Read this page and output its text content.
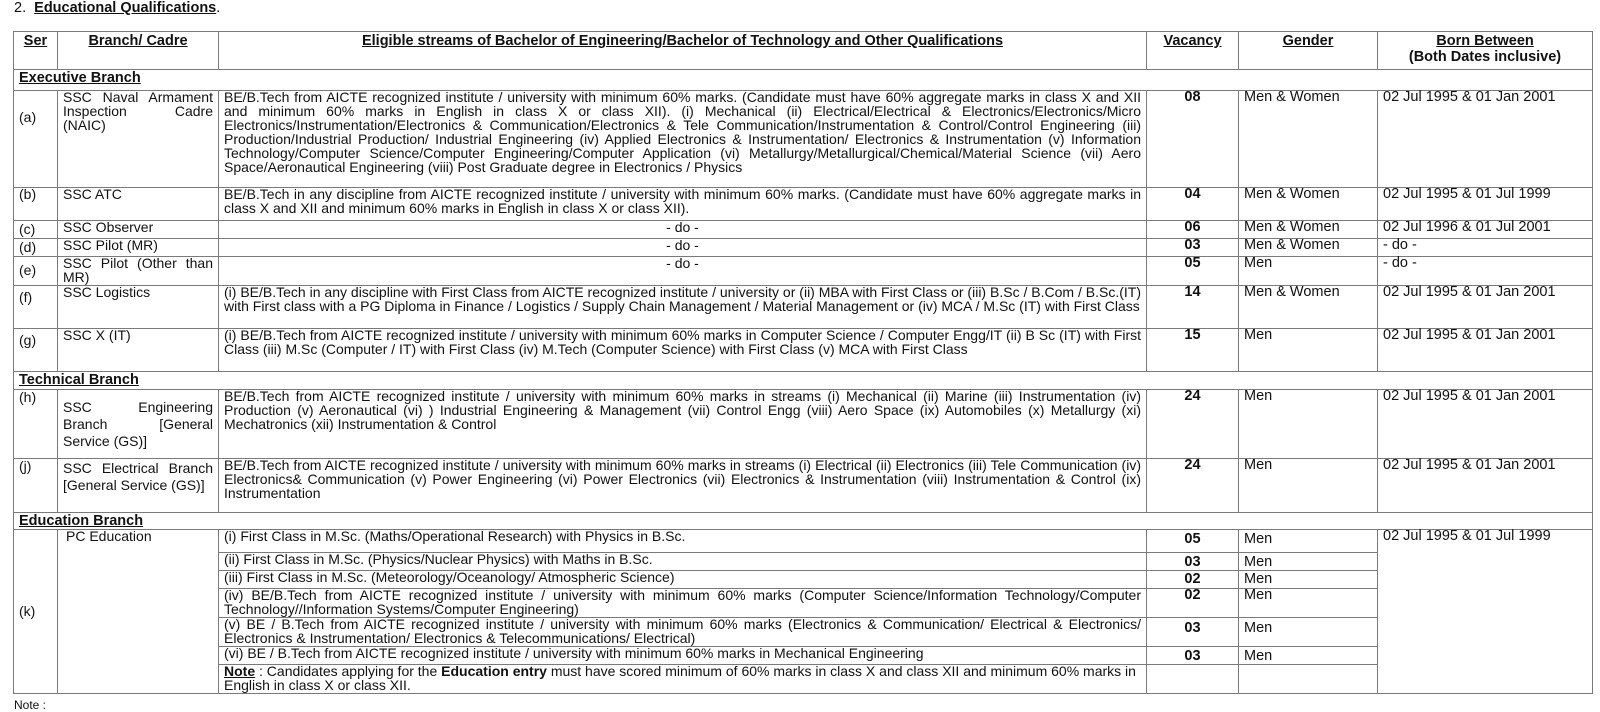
2. Educational Qualifications.
Ser	Branch/ Cadre	Eligible streams of Bachelor of Engineering/Bachelor of Technology and Other Qualifications	Vacancy	Gender	Born Between
(Both Dates inclusive)
Executive Branch					
(a)	SSC Naval Armament Inspection Cadre (NAIC)	BE/B.Tech from AICTE recognized institute / university with minimum 60% marks. (Candidate must have 60% aggregate marks in class X and XII and minimum 60% marks in English in class X or class XII). (i) Mechanical (ii) Electrical/Electrical & Electronics/Electronics/Micro Electronics/Instrumentation/Electronics & Communication/Electronics & Tele Communication/Instrumentation & Control/Control Engineering (iii) Production/Industrial Production/ Industrial Engineering (iv) Applied Electronics & Instrumentation/ Electronics & Instrumentation (v) Information Technology/Computer Science/Computer Engineering/Computer Application (vi) Metallurgy/Metallurgical/Chemical/Material Science (vii) Aero Space/Aeronautical Engineering (viii) Post Graduate degree in Electronics / Physics	08	Men & Women	02 Jul 1995 & 01 Jan 2001
(b)	SSC ATC	BE/B.Tech in any discipline from AICTE recognized institute / university with minimum 60% marks. (Candidate must have 60% aggregate marks in class X and XII and minimum 60% marks in English in class X or class XII).	04	Men & Women	02 Jul 1995 & 01 Jul 1999
(c)	SSC Observer	- do -	06	Men & Women	02 Jul 1996 & 01 Jul 2001
(d)	SSC Pilot (MR)	- do -	03	Men & Women	- do -
(e)	SSC Pilot (Other than MR)	- do -	05	Men	- do -
(f)	SSC Logistics	(i) BE/B.Tech in any discipline with First Class from AICTE recognized institute / university or (ii) MBA with First Class or (iii) B.Sc / B.Com / B.Sc.(IT) with First class with a PG Diploma in Finance / Logistics / Supply Chain Management / Material Management or (iv) MCA / M.Sc (IT) with First Class	14	Men & Women	02 Jul 1995 & 01 Jan 2001
(g)	SSC X (IT)	(i) BE/B.Tech from AICTE recognized institute / university with minimum 60% marks in Computer Science / Computer Engg/IT (ii) B Sc (IT) with First Class (iii) M.Sc (Computer / IT) with First Class (iv) M.Tech (Computer Science) with First Class (v) MCA with First Class	15	Men	02 Jul 1995 & 01 Jan 2001
Technical Branch					
(h)	SSC Engineering Branch [General Service (GS)]	BE/B.Tech from AICTE recognized institute / university with minimum 60% marks in streams (i) Mechanical (ii) Marine (iii) Instrumentation (iv) Production (v) Aeronautical (vi) ) Industrial Engineering & Management (vii) Control Engg (viii) Aero Space (ix) Automobiles (x) Metallurgy (xi) Mechatronics (xii) Instrumentation & Control	24	Men	02 Jul 1995 & 01 Jan 2001
(j)	SSC Electrical Branch [General Service (GS)]	BE/B.Tech from AICTE recognized institute / university with minimum 60% marks in streams (i) Electrical (ii) Electronics (iii) Tele Communication (iv) Electronics& Communication (v) Power Engineering (vi) Power Electronics (vii) Electronics & Instrumentation (viii) Instrumentation & Control (ix) Instrumentation	24	Men	02 Jul 1995 & 01 Jan 2001
Education Branch					
(k)	PC Education	(i) First Class in M.Sc. (Maths/Operational Research) with Physics in B.Sc.	05	Men	02 Jul 1995 & 01 Jul 1999
		(ii) First Class in M.Sc. (Physics/Nuclear Physics) with Maths in B.Sc.	03	Men	
		(iii) First Class in M.Sc. (Meteorology/Oceanology/ Atmospheric Science)	02	Men	
		(iv) BE/B.Tech from AICTE recognized institute / university with minimum 60% marks (Computer Science/Information Technology/Computer Technology//Information Systems/Computer Engineering)	02	Men	
		(v) BE / B.Tech from AICTE recognized institute / university with minimum 60% marks (Electronics & Communication/ Electrical & Electronics/ Electronics & Instrumentation/ Electronics & Telecommunications/ Electrical)	03	Men	
		(vi) BE / B.Tech from AICTE recognized institute / university with minimum 60% marks in Mechanical Engineering	03	Men	
		Note : Candidates applying for the Education entry must have scored minimum of 60% marks in class X and class XII and minimum 60% marks in English in class X or class XII.			
Note :
